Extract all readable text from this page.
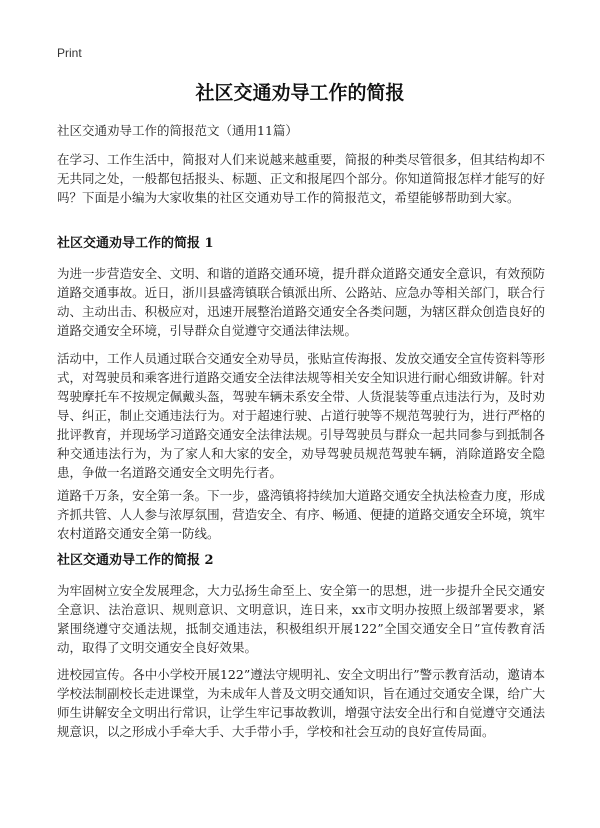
Print
社区交通劝导工作的简报
社区交通劝导工作的简报范文（通用11篇）

在学习、工作生活中，简报对人们来说越来越重要，简报的种类尽管很多，但其结构却不无共同之处，一般都包括报头、标题、正文和报尾四个部分。你知道简报怎样才能写的好吗？下面是小编为大家收集的社区交通劝导工作的简报范文，希望能够帮助到大家。

社区交通劝导工作的简报 1

为进一步营造安全、文明、和谐的道路交通环境，提升群众道路交通安全意识，有效预防道路交通事故。近日，浙川县盛湾镇联合镇派出所、公路站、应急办等相关部门，联合行动、主动出击、积极应对，迅速开展整治道路交通安全各类问题，为辖区群众创造良好的道路交通安全环境，引导群众自觉遵守交通法律法规。

活动中，工作人员通过联合交通安全劝导员，张贴宣传海报、发放交通安全宣传资料等形式，对驾驶员和乘客进行道路交通安全法律法规等相关安全知识进行耐心细致讲解。针对驾驶摩托车不按规定佩戴头盔，驾驶车辆未系安全带、人货混装等重点违法行为，及时劝导、纠正，制止交通违法行为。对于超速行驶、占道行驶等不规范驾驶行为，进行严格的批评教育，并现场学习道路交通安全法律法规。引导驾驶员与群众一起共同参与到抵制各种交通违法行为，为了家人和大家的安全，劝导驾驶员规范驾驶车辆，消除道路安全隐患，争做一名道路交通安全文明先行者。

道路千万条，安全第一条。下一步，盛湾镇将持续加大道路交通安全执法检查力度，形成齐抓共管、人人参与浓厚氛围，营造安全、有序、畅通、便捷的道路交通安全环境，筑牢农村道路交通安全第一防线。

社区交通劝导工作的简报 2

为牢固树立安全发展理念，大力弘扬生命至上、安全第一的思想，进一步提升全民交通安全意识、法治意识、规则意识、文明意识，连日来，xx市文明办按照上级部署要求，紧紧围绕遵守交通法规，抵制交通违法，积极组织开展122”全国交通安全日”宣传教育活动，取得了文明交通安全良好效果。

进校园宣传。各中小学校开展122”遵法守规明礼、安全文明出行”警示教育活动，邀请本学校法制副校长走进课堂，为未成年人普及文明交通知识，旨在通过交通安全课，给广大师生讲解安全文明出行常识，让学生牢记事故教训，增强守法安全出行和自觉遵守交通法规意识，以之形成小手牵大手、大手带小手，学校和社会互动的良好宣传局面。
